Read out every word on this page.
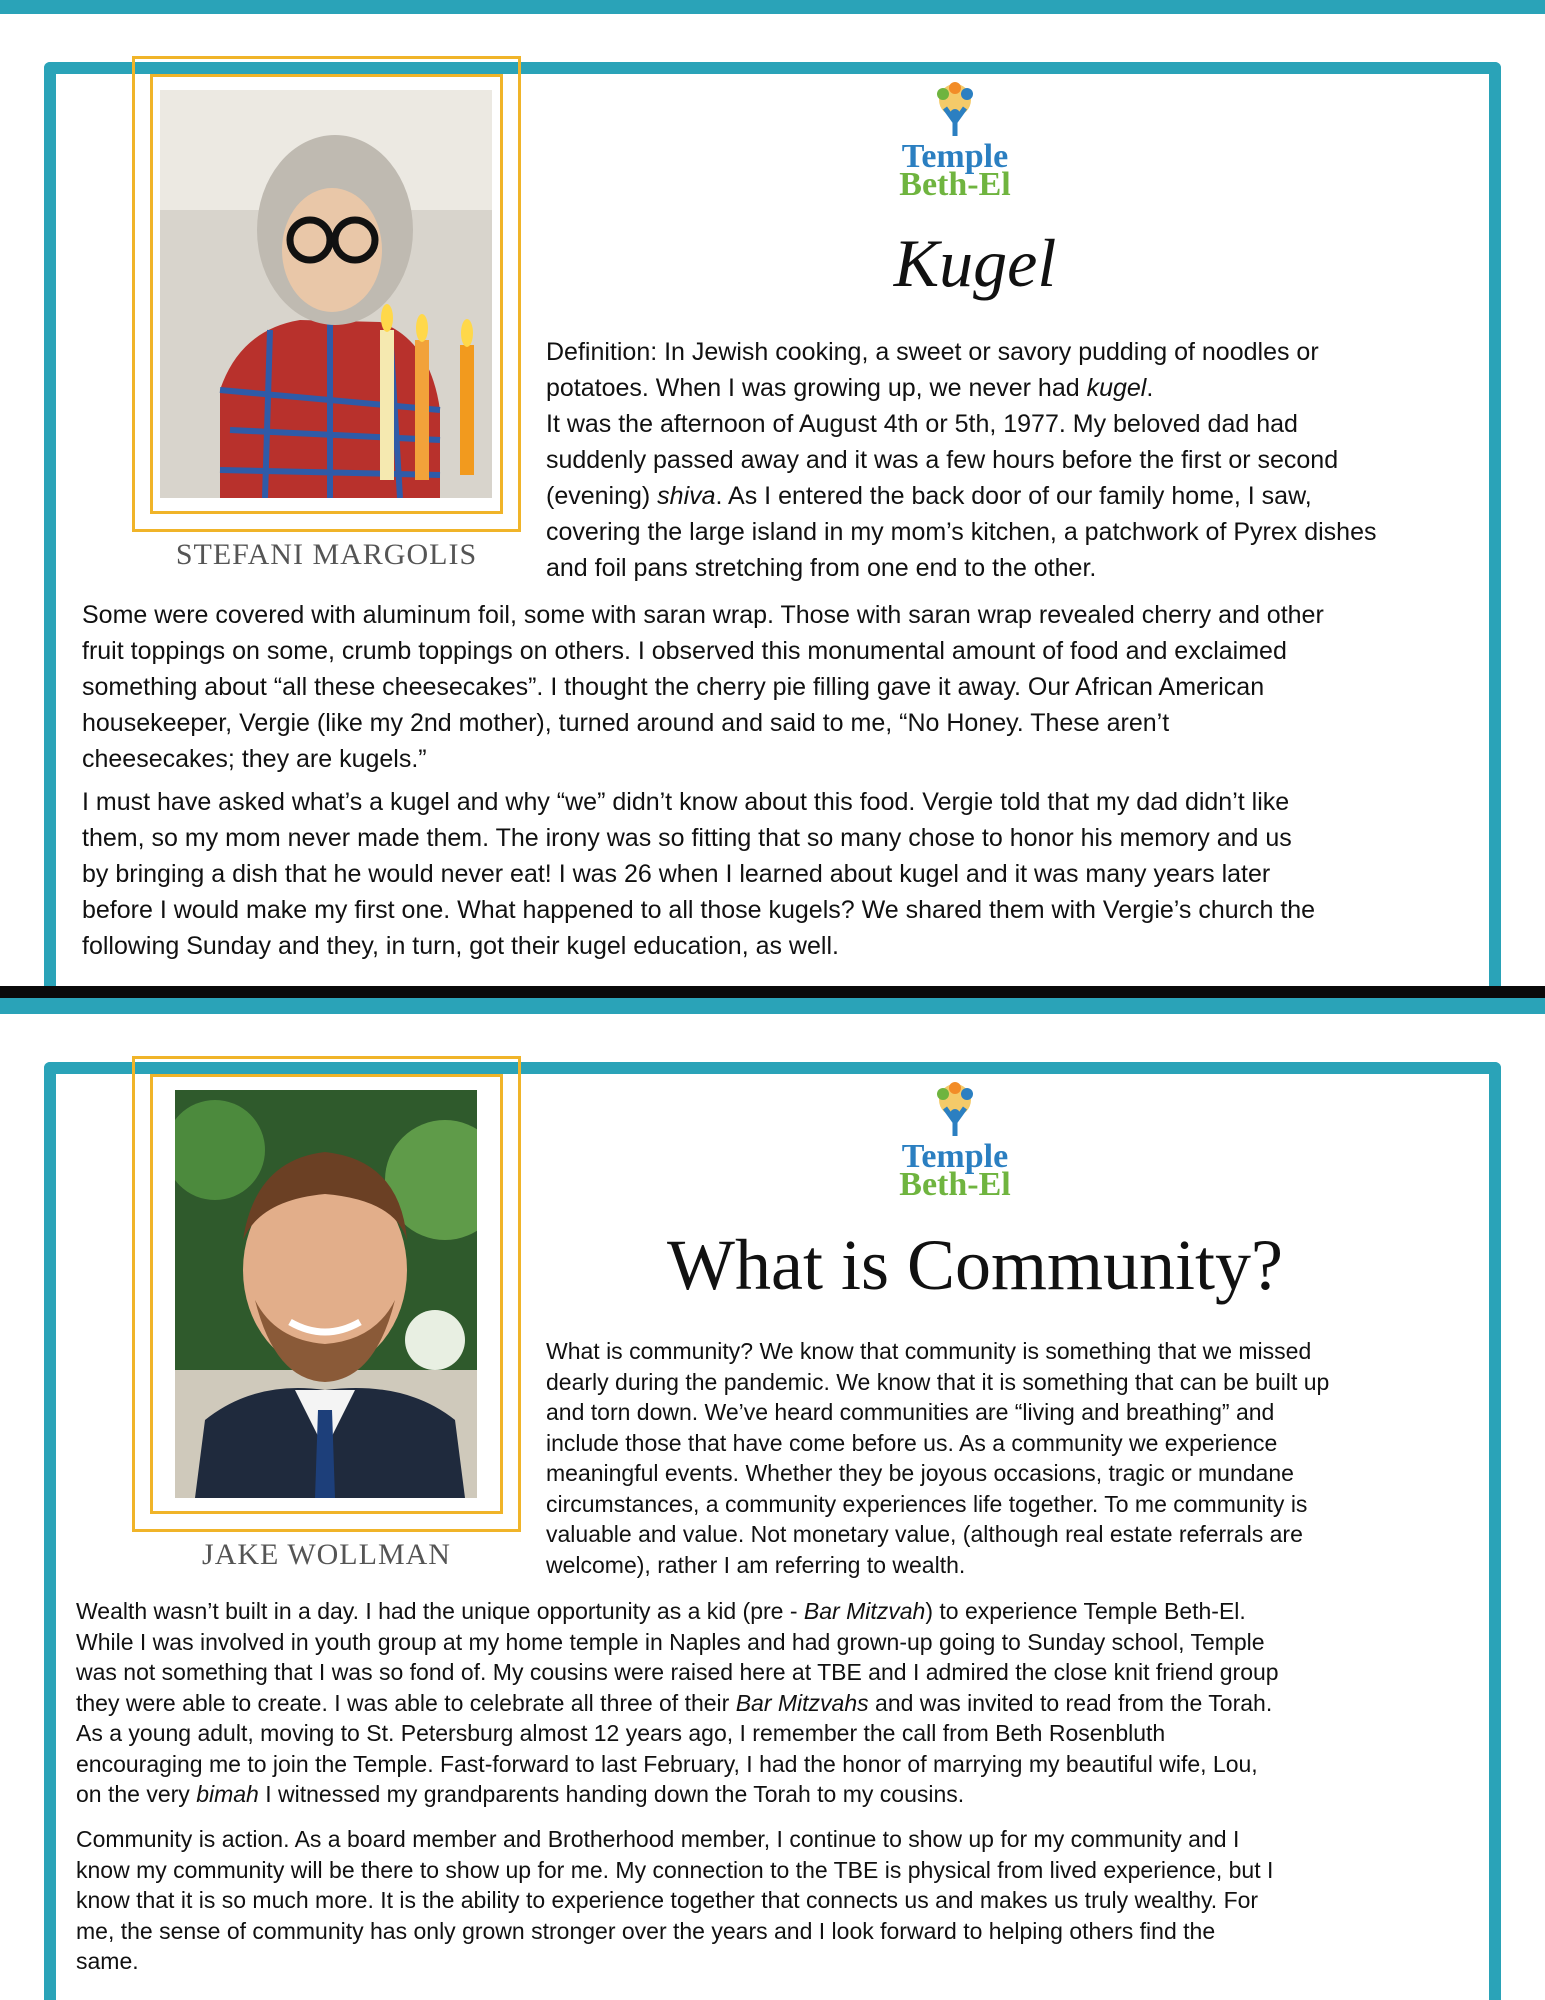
STEFANI MARGOLIS
Temple
Beth-El
Kugel

Definition: In Jewish cooking, a sweet or savory pudding of noodles or
potatoes. When I was growing up, we never had kugel.
It was the afternoon of August 4th or 5th, 1977. My beloved dad had
suddenly passed away and it was a few hours before the first or second
(evening) shiva. As I entered the back door of our family home, I saw,
covering the large island in my mom’s kitchen, a patchwork of Pyrex dishes
and foil pans stretching from one end to the other.

Some were covered with aluminum foil, some with saran wrap. Those with saran wrap revealed cherry and other
fruit toppings on some, crumb toppings on others. I observed this monumental amount of food and exclaimed
something about “all these cheesecakes”. I thought the cherry pie filling gave it away. Our African American
housekeeper, Vergie (like my 2nd mother), turned around and said to me, “No Honey. These aren’t
cheesecakes; they are kugels.”

I must have asked what’s a kugel and why “we” didn’t know about this food. Vergie told that my dad didn’t like
them, so my mom never made them. The irony was so fitting that so many chose to honor his memory and us
by bringing a dish that he would never eat! I was 26 when I learned about kugel and it was many years later
before I would make my first one. What happened to all those kugels? We shared them with Vergie’s church the
following Sunday and they, in turn, got their kugel education, as well.

JAKE WOLLMAN
Temple
Beth-El
What is Community?

What is community? We know that community is something that we missed
dearly during the pandemic. We know that it is something that can be built up
and torn down. We’ve heard communities are “living and breathing” and
include those that have come before us. As a community we experience
meaningful events. Whether they be joyous occasions, tragic or mundane
circumstances, a community experiences life together. To me community is
valuable and value. Not monetary value, (although real estate referrals are
welcome), rather I am referring to wealth.

Wealth wasn’t built in a day. I had the unique opportunity as a kid (pre - Bar Mitzvah) to experience Temple Beth-El.
While I was involved in youth group at my home temple in Naples and had grown-up going to Sunday school, Temple
was not something that I was so fond of. My cousins were raised here at TBE and I admired the close knit friend group
they were able to create. I was able to celebrate all three of their Bar Mitzvahs and was invited to read from the Torah.
As a young adult, moving to St. Petersburg almost 12 years ago, I remember the call from Beth Rosenbluth
encouraging me to join the Temple. Fast-forward to last February, I had the honor of marrying my beautiful wife, Lou,
on the very bimah I witnessed my grandparents handing down the Torah to my cousins.

Community is action. As a board member and Brotherhood member, I continue to show up for my community and I
know my community will be there to show up for me. My connection to the TBE is physical from lived experience, but I
know that it is so much more. It is the ability to experience together that connects us and makes us truly wealthy. For
me, the sense of community has only grown stronger over the years and I look forward to helping others find the
same.
